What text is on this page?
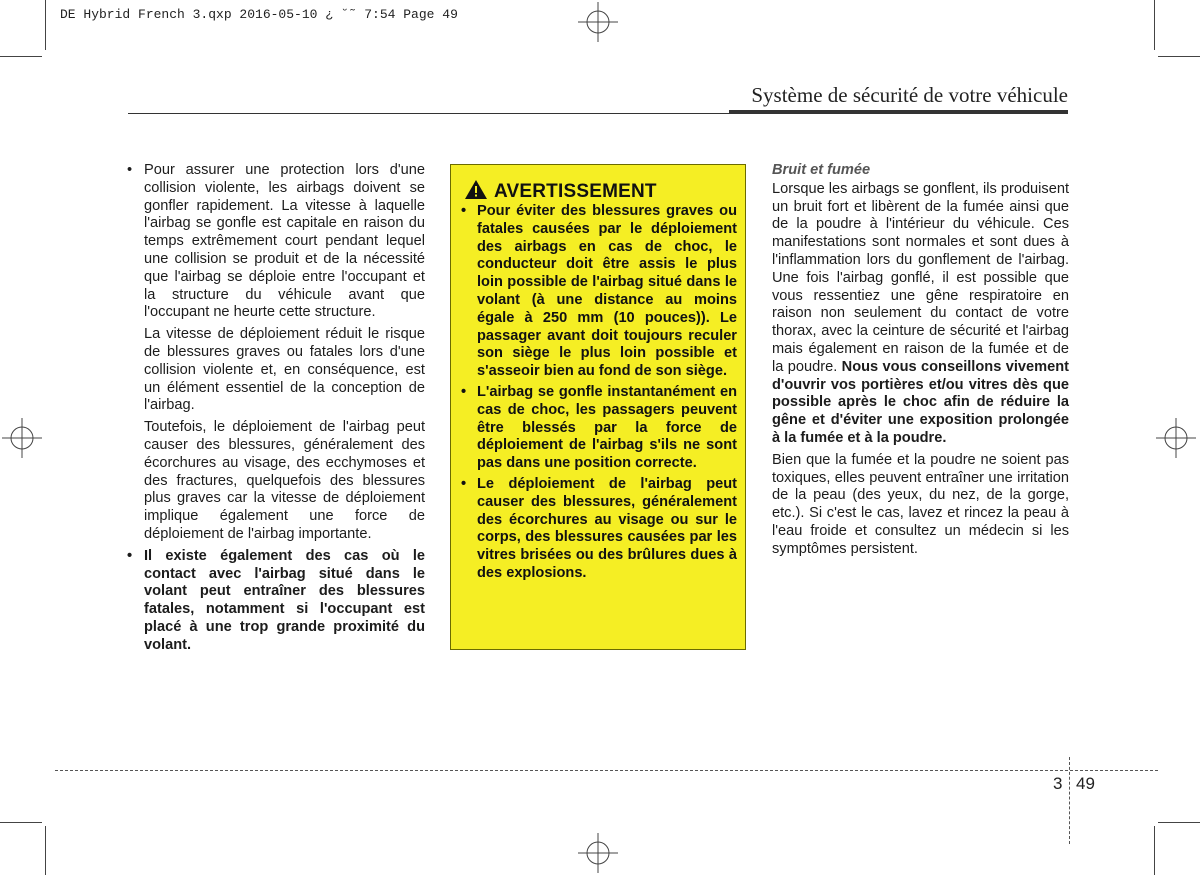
DE Hybrid French 3.qxp 2016-05-10 ¿ ˘˜ 7:54 Page 49
Système de sécurité de votre véhicule
• Pour assurer une protection lors d'une collision violente, les airbags doivent se gonfler rapidement. La vitesse à laquelle l'airbag se gonfle est capitale en raison du temps extrêmement court pendant lequel une collision se produit et de la nécessité que l'airbag se déploie entre l'occupant et la structure du véhicule avant que l'occupant ne heurte cette structure.
La vitesse de déploiement réduit le risque de blessures graves ou fatales lors d'une collision violente et, en conséquence, est un élément essentiel de la conception de l'airbag.
Toutefois, le déploiement de l'airbag peut causer des blessures, généralement des écorchures au visage, des ecchymoses et des fractures, quelquefois des blessures plus graves car la vitesse de déploiement implique également une force de déploiement de l'airbag importante.
• Il existe également des cas où le contact avec l'airbag situé dans le volant peut entraîner des blessures fatales, notamment si l'occupant est placé à une trop grande proximité du volant.
AVERTISSEMENT
• Pour éviter des blessures graves ou fatales causées par le déploiement des airbags en cas de choc, le conducteur doit être assis le plus loin possible de l'airbag situé dans le volant (à une distance au moins égale à 250 mm (10 pouces)). Le passager avant doit toujours reculer son siège le plus loin possible et s'asseoir bien au fond de son siège.
• L'airbag se gonfle instantanément en cas de choc, les passagers peuvent être blessés par la force de déploiement de l'airbag s'ils ne sont pas dans une position correcte.
• Le déploiement de l'airbag peut causer des blessures, généralement des écorchures au visage ou sur le corps, des blessures causées par les vitres brisées ou des brûlures dues à des explosions.
Bruit et fumée
Lorsque les airbags se gonflent, ils produisent un bruit fort et libèrent de la fumée ainsi que de la poudre à l'intérieur du véhicule. Ces manifestations sont normales et sont dues à l'inflammation lors du gonflement de l'airbag. Une fois l'airbag gonflé, il est possible que vous ressentiez une gêne respiratoire en raison non seulement du contact de votre thorax, avec la ceinture de sécurité et l'airbag mais également en raison de la fumée et de la poudre. Nous vous conseillons vivement d'ouvrir vos portières et/ou vitres dès que possible après le choc afin de réduire la gêne et d'éviter une exposition prolongée à la fumée et à la poudre.
Bien que la fumée et la poudre ne soient pas toxiques, elles peuvent entraîner une irritation de la peau (des yeux, du nez, de la gorge, etc.). Si c'est le cas, lavez et rincez la peau à l'eau froide et consultez un médecin si les symptômes persistent.
3 49
